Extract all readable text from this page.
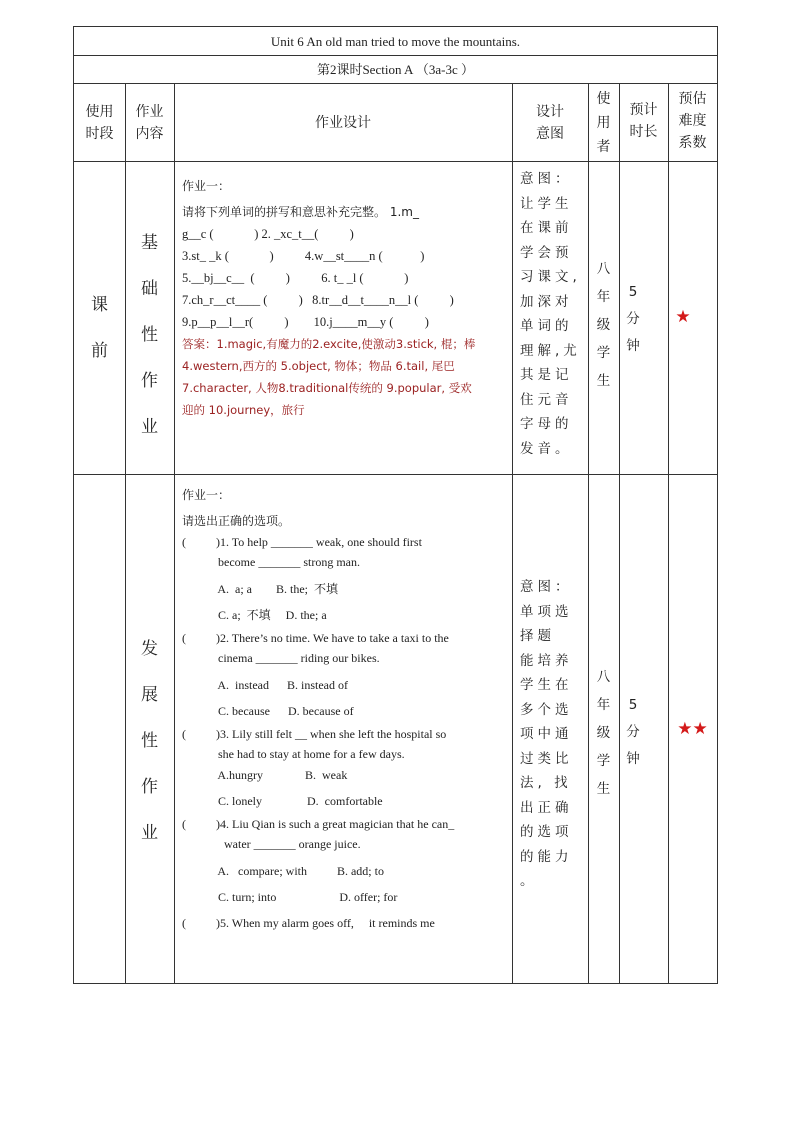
Unit 6 An old man tried to move the mountains.
第2课时Section A （3a-3c ）
使用
时段
作业
内容
作业设计
设计
意图
使
用
者
预计
时长
预估
难度
系数
课
前
基
础
性
作
业
作业一：
请将下列单词的拼写和意思补充完整。 1.m_
g__c (             ) 2. _xc_t__(          )
3.st_ _k (             )          4.w__st____n (            )
5.__bj__c__  (          )          6. t_ _l (             )
7.ch_r__ct____ (          )   8.tr__d__t____n__l (          )
9.p__p__l__r(          )        10.j____m__y (          )
答案：1.magic,有魔力的2.excite,使激动3.stick, 棍；棒
4.western,西方的 5.object, 物体；物品 6.tail, 尾巴
7.character, 人物8.traditional传统的 9.popular, 受欢
迎的 10.journey，旅行
意图：
让学生
在课前
学会预
习课文,
加深对
单词的
理解,尤
其是记
住元音
字母的
发音。
八
年
级
学
生
5
分
钟
★
发
展
性
作
业
作业一：
请选出正确的选项。
(          )1. To help _______ weak, one should first
become _______ strong man.
A.  a; a        B. the;  不填
C. a;  不填     D. the; a
(          )2. There’s no time. We have to take a taxi to the
cinema _______ riding our bikes.
A.  instead      B. instead of
C. because      D. because of
(          )3. Lily still felt __ when she left the hospital so
she had to stay at home for a few days.
A.hungry              B.  weak
C. lonely               D.  comfortable
(          )4. Liu Qian is such a great magician that he can_
water _______ orange juice.
A.   compare; with          B. add; to
C. turn; into                     D. offer; for
(          )5. When my alarm goes off,     it reminds me
意图：
单项选
择题
能培养
学生在
多个选
项中通
过类比
法, 找
出正确
的选项
的能力
。
八
年
级
学
生
5
分
钟
★★
